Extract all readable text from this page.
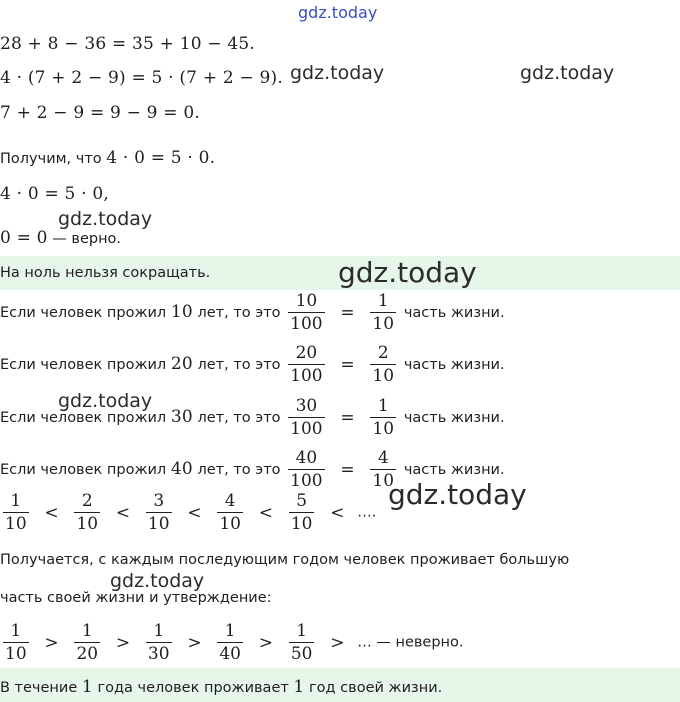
gdz.today
28 + 8 − 36 = 35 + 10 − 45.
4 · (7 + 2 − 9) = 5 · (7 + 2 − 9). gdz.today	gdz.today
7 + 2 − 9 = 9 − 9 = 0.
Получим, что 4 · 0 = 5 · 0.
4 · 0 = 5 · 0,
gdz.today
0 = 0 — верно.
На ноль нельзя сокращать.	gdz.today
Если человек прожил 10 лет, то это $\frac{10}{100} = \frac{1}{10}$ часть жизни.
Если человек прожил 20 лет, то это $\frac{20}{100} = \frac{2}{10}$ часть жизни.
gdz.today
Если человек прожил 30 лет, то это $\frac{30}{100} = \frac{1}{10}$ часть жизни.
Если человек прожил 40 лет, то это $\frac{40}{100} = \frac{4}{10}$ часть жизни.
gdz.today
$\frac{1}{10} < \frac{2}{10} < \frac{3}{10} < \frac{4}{10} < \frac{5}{10}$ < ….
Получается, с каждым последующим годом человек проживает большую
gdz.today
часть своей жизни и утверждение:
$\frac{1}{10} > \frac{1}{20} > \frac{1}{30} > \frac{1}{40} > \frac{1}{50}$ > … — неверно.
В течение 1 года человек проживает 1 год своей жизни.
